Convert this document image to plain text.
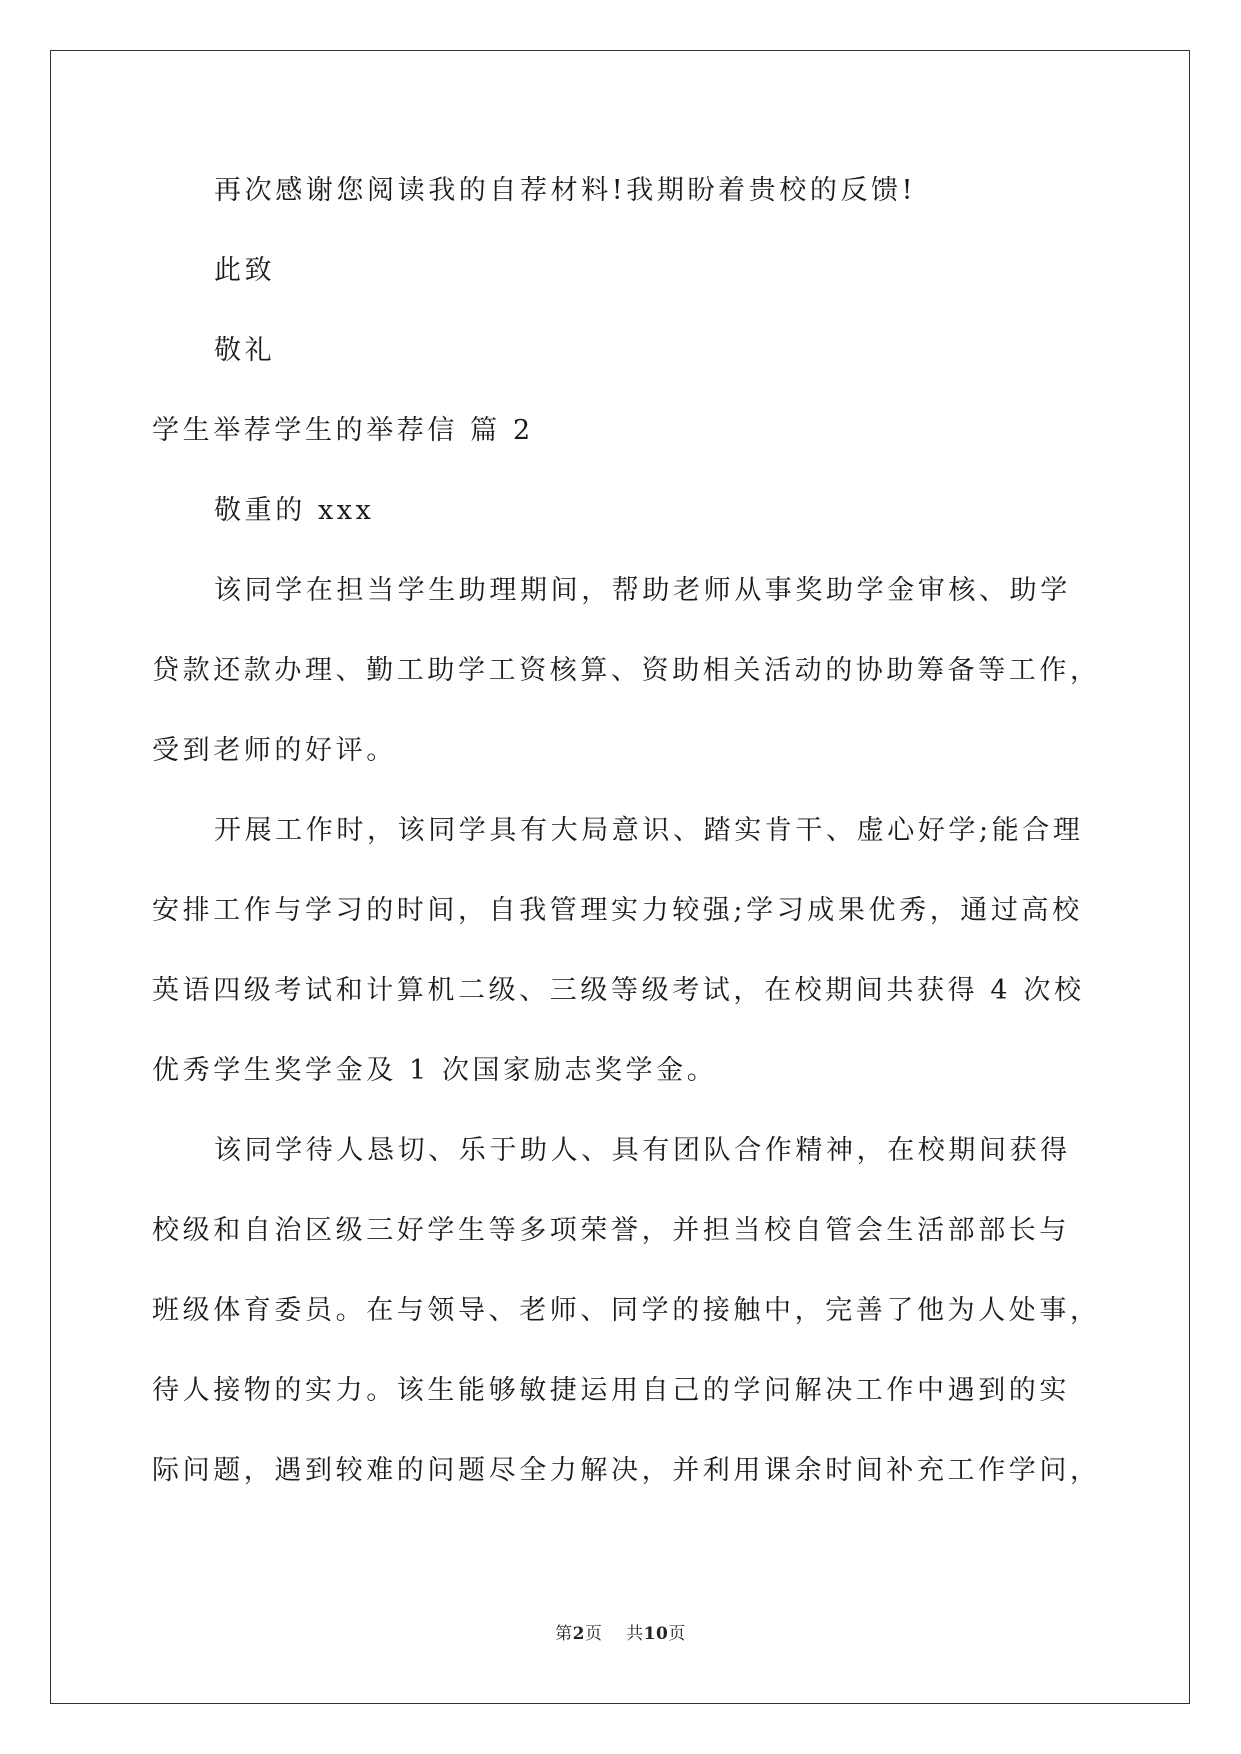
再次感谢您阅读我的自荐材料!我期盼着贵校的反馈!
此致
敬礼
学生举荐学生的举荐信 篇 2
敬重的 xxx
该同学在担当学生助理期间，帮助老师从事奖助学金审核、助学
贷款还款办理、勤工助学工资核算、资助相关活动的协助筹备等工作，
受到老师的好评。
开展工作时，该同学具有大局意识、踏实肯干、虚心好学;能合理
安排工作与学习的时间，自我管理实力较强;学习成果优秀，通过高校
英语四级考试和计算机二级、三级等级考试，在校期间共获得 4 次校
优秀学生奖学金及 1 次国家励志奖学金。
该同学待人恳切、乐于助人、具有团队合作精神，在校期间获得
校级和自治区级三好学生等多项荣誉，并担当校自管会生活部部长与
班级体育委员。在与领导、老师、同学的接触中，完善了他为人处事，
待人接物的实力。该生能够敏捷运用自己的学问解决工作中遇到的实
际问题，遇到较难的问题尽全力解决，并利用课余时间补充工作学问，
第2页 共10页
